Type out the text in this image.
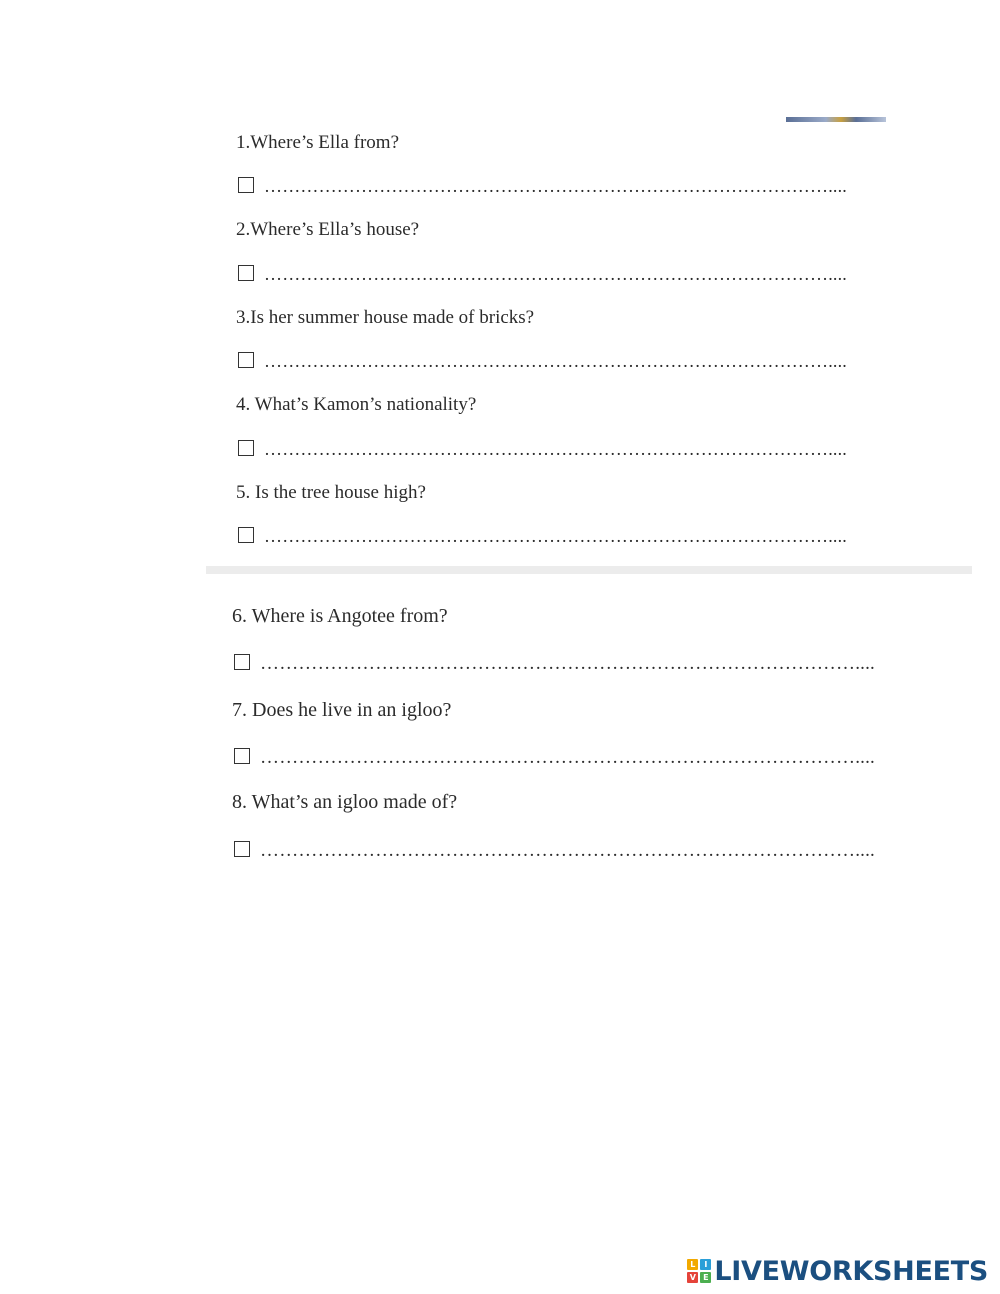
1.Where’s Ella from?
…………………………………………………………………………………....
2.Where’s Ella’s house?
…………………………………………………………………………………....
3.Is her summer house made of bricks?
…………………………………………………………………………………....
4. What’s Kamon’s nationality?
…………………………………………………………………………………....
5. Is the tree house high?
…………………………………………………………………………………....
6. Where is Angotee from?
…………………………………………………………………………………....
7. Does he live in an igloo?
…………………………………………………………………………………....
8. What’s an igloo made of?
…………………………………………………………………………………....
L	I
V E LIVEWORKSHEETS
